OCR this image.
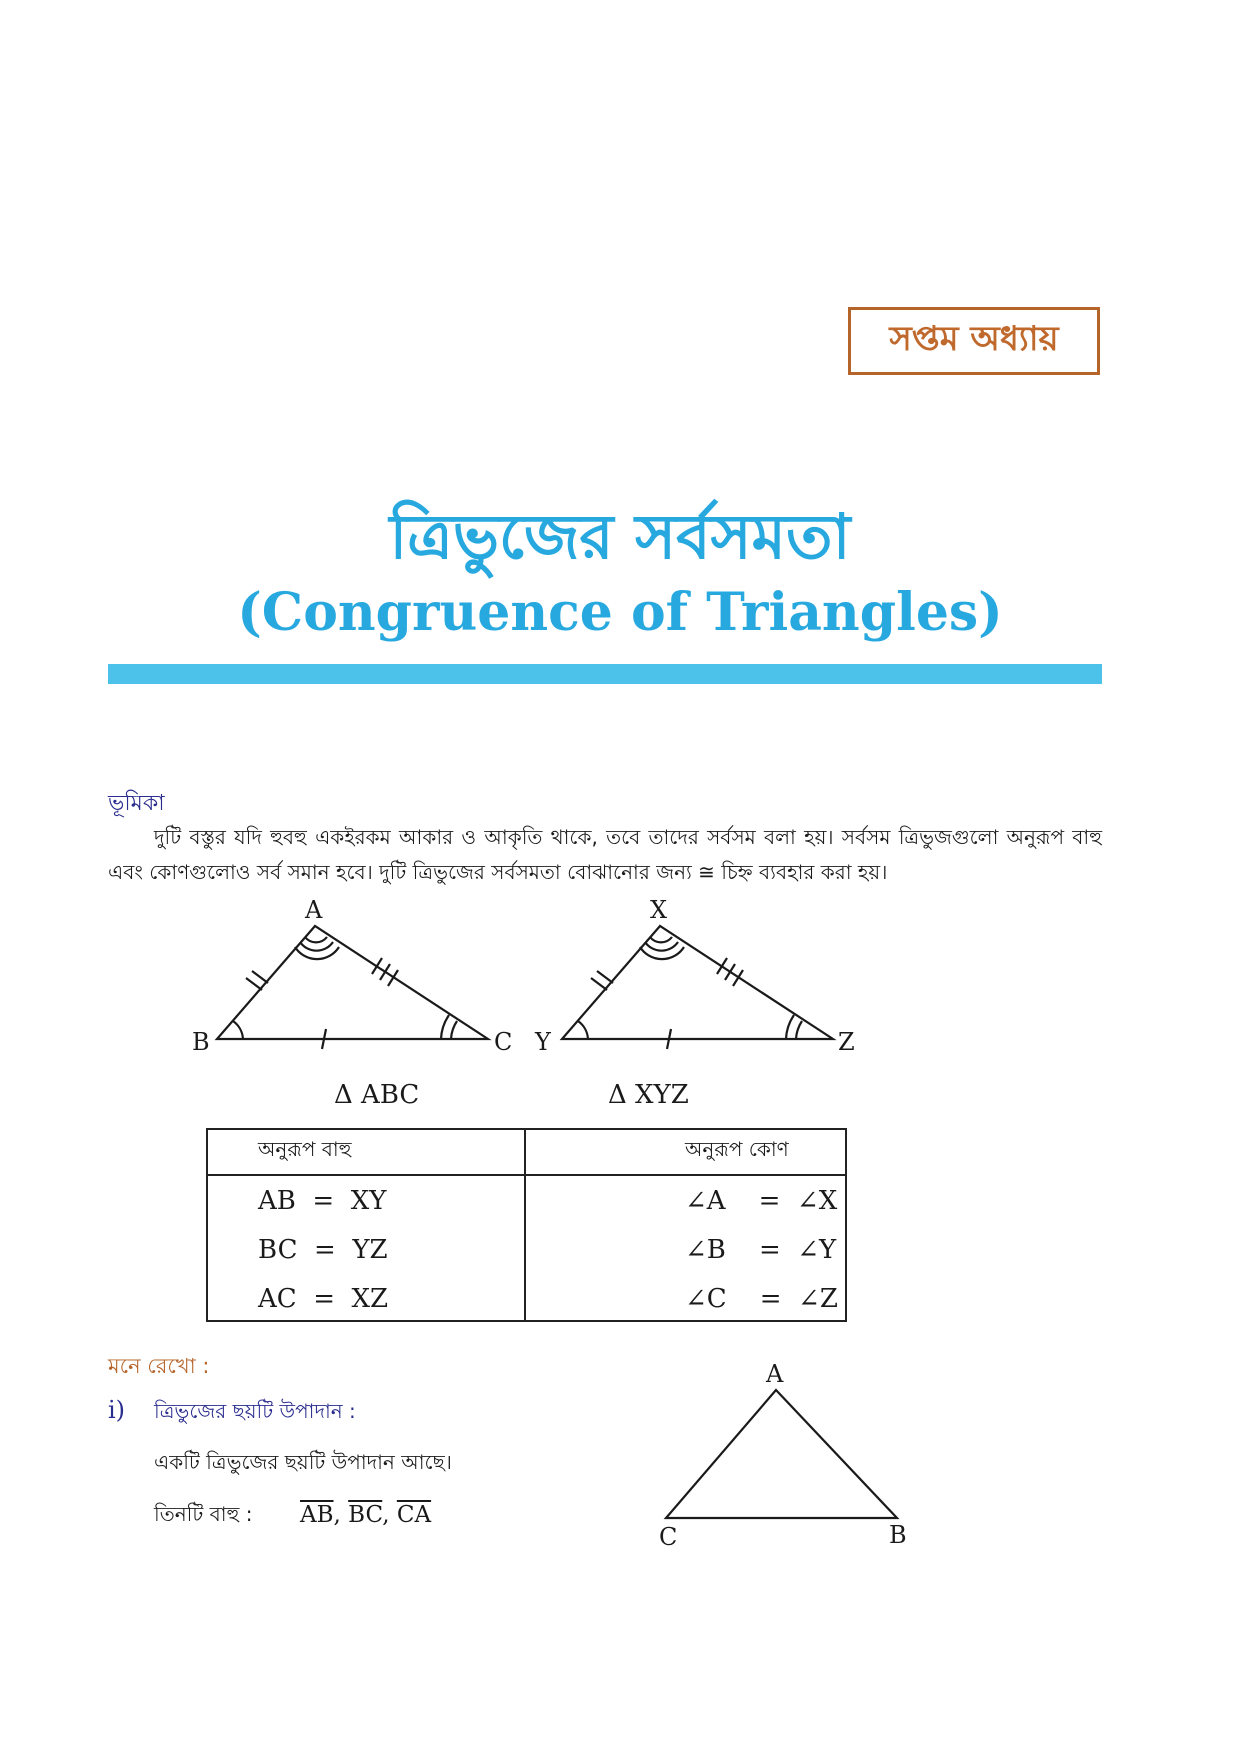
সপ্তম অধ্যায়
ত্রিভুজের সর্বসমতা
(Congruence of Triangles)
ভূমিকা

দুটি বস্তুর যদি হুবহু একইরকম আকার ও আকৃতি থাকে, তবে তাদের সর্বসম বলা হয়। সর্বসম ত্রিভুজগুলো অনুরূপ বাহু এবং কোণগুলোও সর্ব সমান হবে। দুটি ত্রিভুজের সর্বসমতা বোঝানোর জন্য ≅ চিহ্ন ব্যবহার করা হয়।

A
B	C
X
Y	Z
A
C	B
Δ ABC	Δ XYZ
অনুরূপ বাহু	অনুরূপ কোণ
AB  =  XY	∠A    =  ∠X
BC  =  YZ	∠B    =  ∠Y
AC  =  XZ	∠C    =  ∠Z
মনে রেখো :
i) ত্রিভুজের ছয়টি উপাদান :
একটি ত্রিভুজের ছয়টি উপাদান আছে।
তিনটি বাহু : $\overline{AB}$, $\overline{BC}$, $\overline{CA}$
